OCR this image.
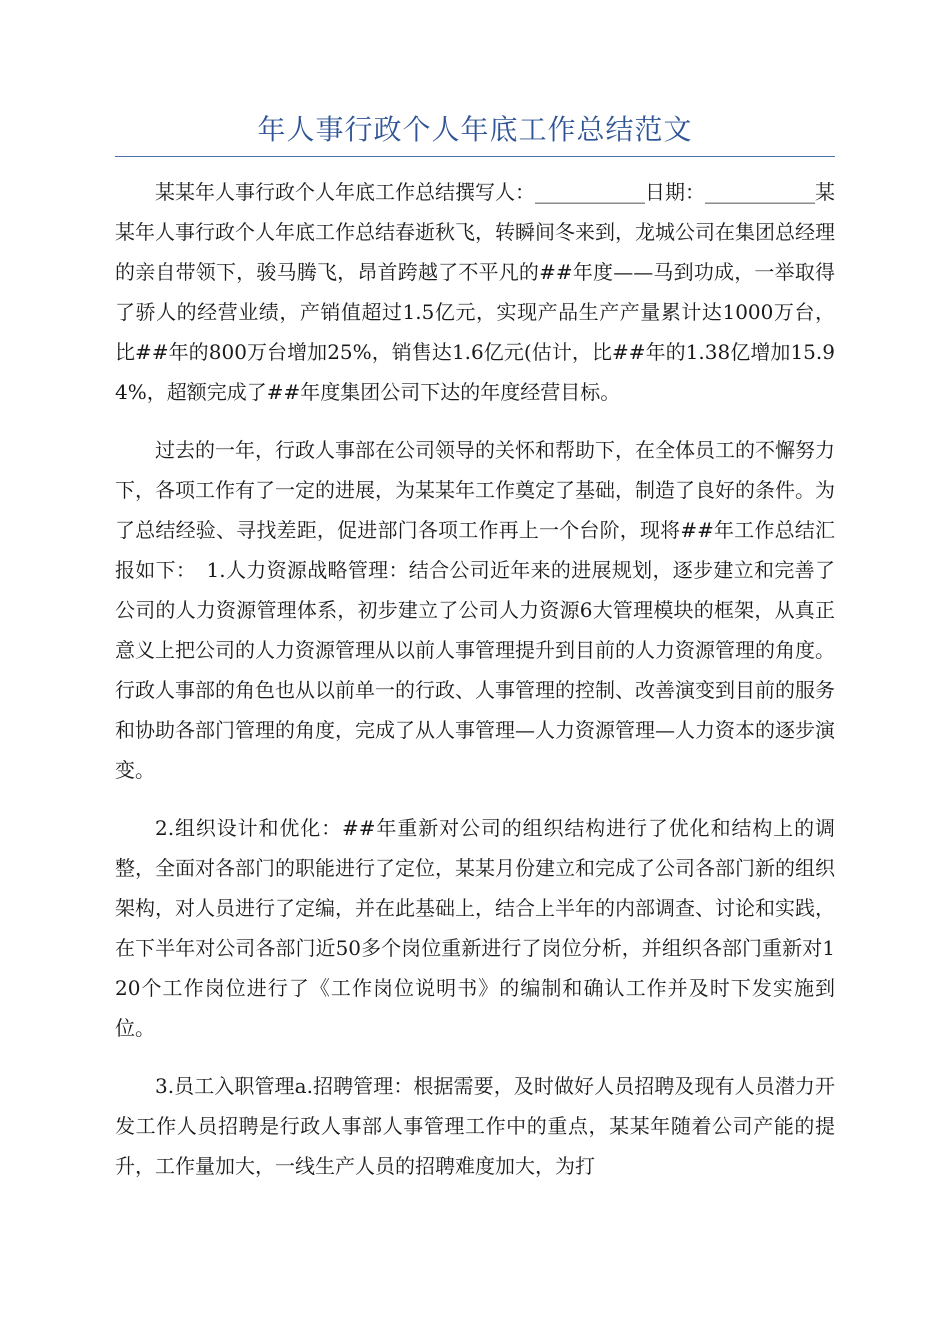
年人事行政个人年底工作总结范文

某某年人事行政个人年底工作总结撰写人：___________日期：___________某某年人事行政个人年底工作总结春逝秋飞，转瞬间冬来到，龙城公司在集团总经理的亲自带领下，骏马腾飞，昂首跨越了不平凡的##年度——马到功成，一举取得了骄人的经营业绩，产销值超过1.5亿元，实现产品生产产量累计达1000万台，比##年的800万台增加25%，销售达1.6亿元(估计，比##年的1.38亿增加15.94%，超额完成了##年度集团公司下达的年度经营目标。

过去的一年，行政人事部在公司领导的关怀和帮助下，在全体员工的不懈努力下，各项工作有了一定的进展，为某某年工作奠定了基础，制造了良好的条件。为了总结经验、寻找差距，促进部门各项工作再上一个台阶，现将##年工作总结汇报如下：　1.人力资源战略管理：结合公司近年来的进展规划，逐步建立和完善了公司的人力资源管理体系，初步建立了公司人力资源6大管理模块的框架，从真正意义上把公司的人力资源管理从以前人事管理提升到目前的人力资源管理的角度。行政人事部的角色也从以前单一的行政、人事管理的控制、改善演变到目前的服务和协助各部门管理的角度，完成了从人事管理—人力资源管理—人力资本的逐步演变。

2.组织设计和优化：##年重新对公司的组织结构进行了优化和结构上的调整，全面对各部门的职能进行了定位，某某月份建立和完成了公司各部门新的组织架构，对人员进行了定编，并在此基础上，结合上半年的内部调查、讨论和实践，在下半年对公司各部门近50多个岗位重新进行了岗位分析，并组织各部门重新对120个工作岗位进行了《工作岗位说明书》的编制和确认工作并及时下发实施到位。

3.员工入职管理a.招聘管理：根据需要，及时做好人员招聘及现有人员潜力开发工作人员招聘是行政人事部人事管理工作中的重点，某某年随着公司产能的提升，工作量加大，一线生产人员的招聘难度加大，为打
